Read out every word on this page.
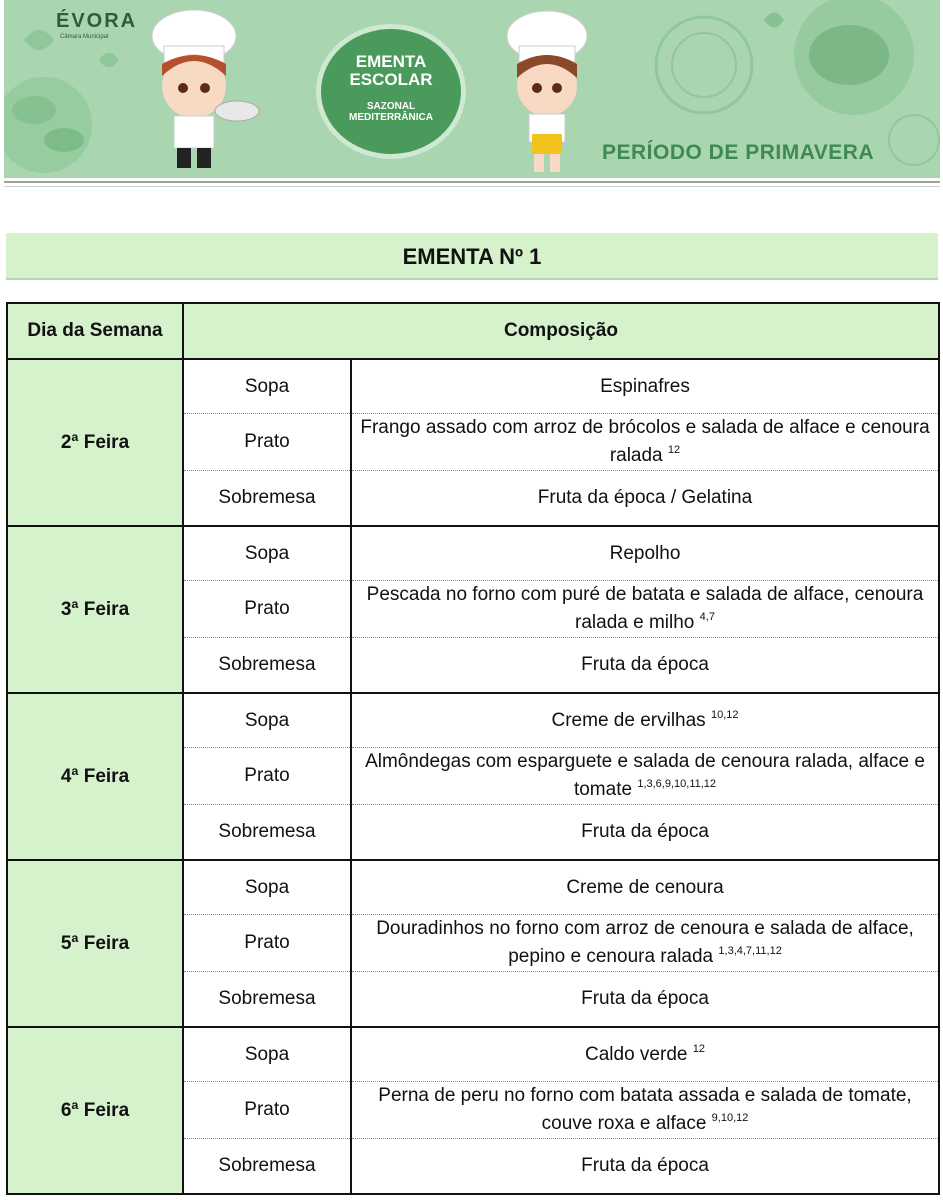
ÉVORA
Câmara Municipal
EMENTA
ESCOLAR
SAZONAL
MEDITERRÂNICA
PERÍODO DE PRIMAVERA
EMENTA Nº 1
Dia da Semana	Composição	
2ª Feira	Sopa	Espinafres
	Prato	Frango assado com arroz de brócolos e salada de alface e cenoura ralada $^{12}$
	Sobremesa	Fruta da época / Gelatina
3ª Feira	Sopa	Repolho
	Prato	Pescada no forno com puré de batata e salada de alface, cenoura ralada e milho $^{4,7}$
	Sobremesa	Fruta da época
4ª Feira	Sopa	Creme de ervilhas $^{10,12}$
	Prato	Almôndegas com esparguete e salada de cenoura ralada, alface e tomate $^{1,3,6,9,10,11,12}$
	Sobremesa	Fruta da época
5ª Feira	Sopa	Creme de cenoura
	Prato	Douradinhos no forno com arroz de cenoura e salada de alface, pepino e cenoura ralada $^{1,3,4,7,11,12}$
	Sobremesa	Fruta da época
6ª Feira	Sopa	Caldo verde $^{12}$
	Prato	Perna de peru no forno com batata assada e salada de tomate, couve roxa e alface $^{9,10,12}$
	Sobremesa	Fruta da época
